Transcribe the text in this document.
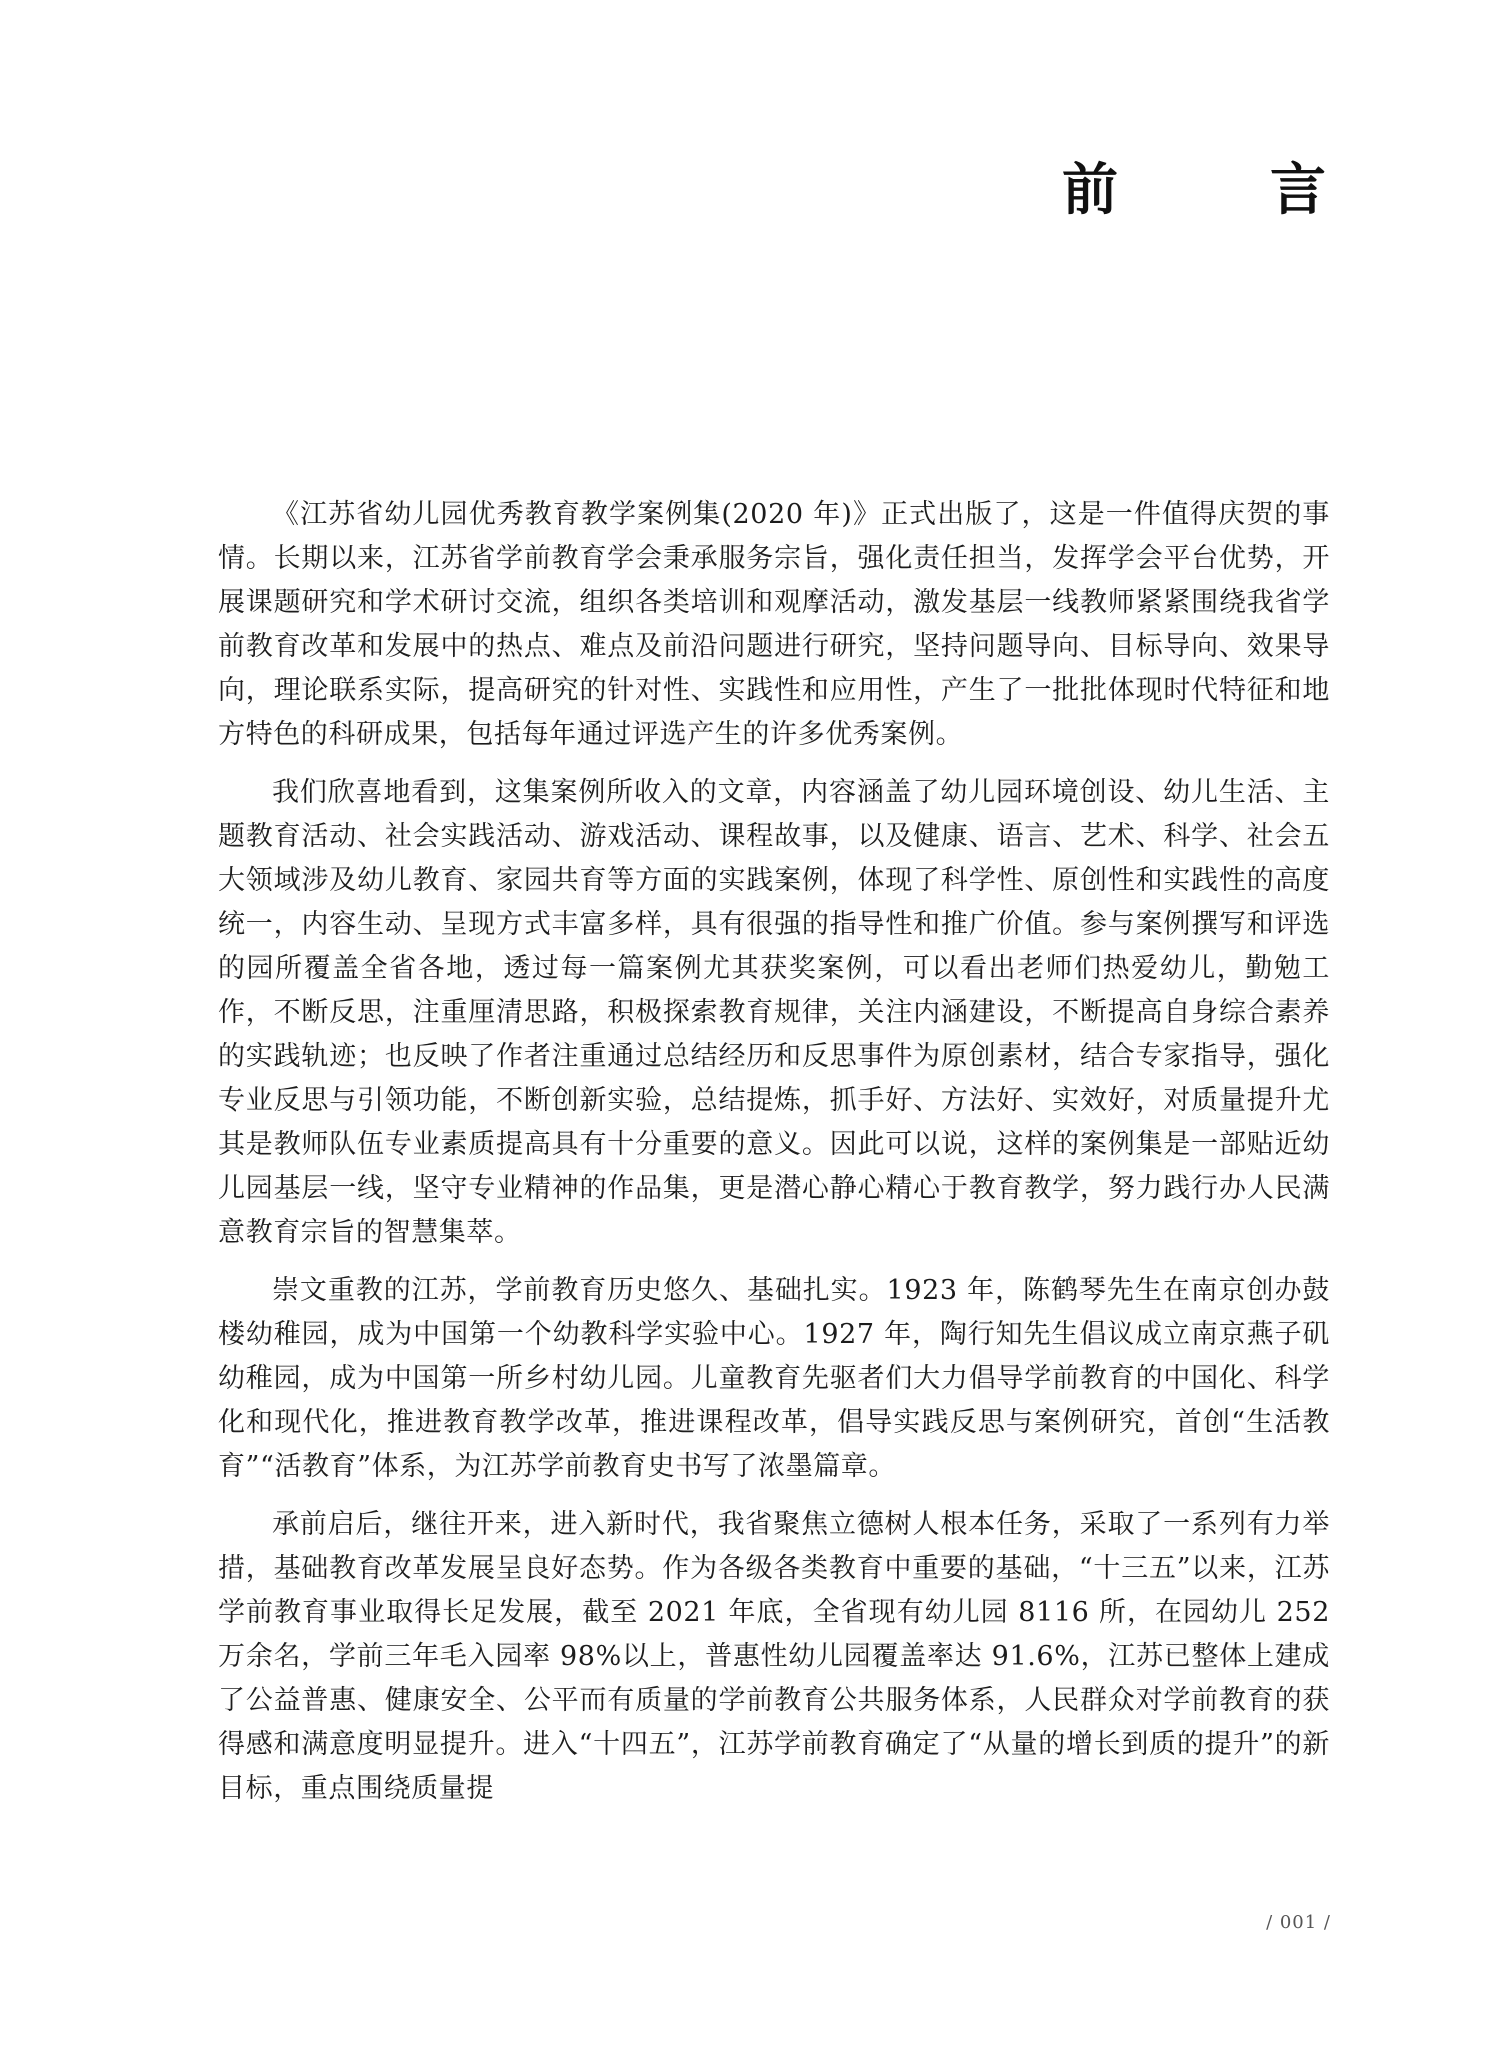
前　言

《江苏省幼儿园优秀教育教学案例集(2020 年)》正式出版了，这是一件值得庆贺的事情。长期以来，江苏省学前教育学会秉承服务宗旨，强化责任担当，发挥学会平台优势，开展课题研究和学术研讨交流，组织各类培训和观摩活动，激发基层一线教师紧紧围绕我省学前教育改革和发展中的热点、难点及前沿问题进行研究，坚持问题导向、目标导向、效果导向，理论联系实际，提高研究的针对性、实践性和应用性，产生了一批批体现时代特征和地方特色的科研成果，包括每年通过评选产生的许多优秀案例。

我们欣喜地看到，这集案例所收入的文章，内容涵盖了幼儿园环境创设、幼儿生活、主题教育活动、社会实践活动、游戏活动、课程故事，以及健康、语言、艺术、科学、社会五大领域涉及幼儿教育、家园共育等方面的实践案例，体现了科学性、原创性和实践性的高度统一，内容生动、呈现方式丰富多样，具有很强的指导性和推广价值。参与案例撰写和评选的园所覆盖全省各地，透过每一篇案例尤其获奖案例，可以看出老师们热爱幼儿，勤勉工作，不断反思，注重厘清思路，积极探索教育规律，关注内涵建设，不断提高自身综合素养的实践轨迹；也反映了作者注重通过总结经历和反思事件为原创素材，结合专家指导，强化专业反思与引领功能，不断创新实验，总结提炼，抓手好、方法好、实效好，对质量提升尤其是教师队伍专业素质提高具有十分重要的意义。因此可以说，这样的案例集是一部贴近幼儿园基层一线，坚守专业精神的作品集，更是潜心静心精心于教育教学，努力践行办人民满意教育宗旨的智慧集萃。

崇文重教的江苏，学前教育历史悠久、基础扎实。1923 年，陈鹤琴先生在南京创办鼓楼幼稚园，成为中国第一个幼教科学实验中心。1927 年，陶行知先生倡议成立南京燕子矶幼稚园，成为中国第一所乡村幼儿园。儿童教育先驱者们大力倡导学前教育的中国化、科学化和现代化，推进教育教学改革，推进课程改革，倡导实践反思与案例研究，首创“生活教育”“活教育”体系，为江苏学前教育史书写了浓墨篇章。

承前启后，继往开来，进入新时代，我省聚焦立德树人根本任务，采取了一系列有力举措，基础教育改革发展呈良好态势。作为各级各类教育中重要的基础，“十三五”以来，江苏学前教育事业取得长足发展，截至 2021 年底，全省现有幼儿园 8116 所，在园幼儿 252 万余名，学前三年毛入园率 98%以上，普惠性幼儿园覆盖率达 91.6%，江苏已整体上建成了公益普惠、健康安全、公平而有质量的学前教育公共服务体系，人民群众对学前教育的获得感和满意度明显提升。进入“十四五”，江苏学前教育确定了“从量的增长到质的提升”的新目标，重点围绕质量提

/ 001 /
